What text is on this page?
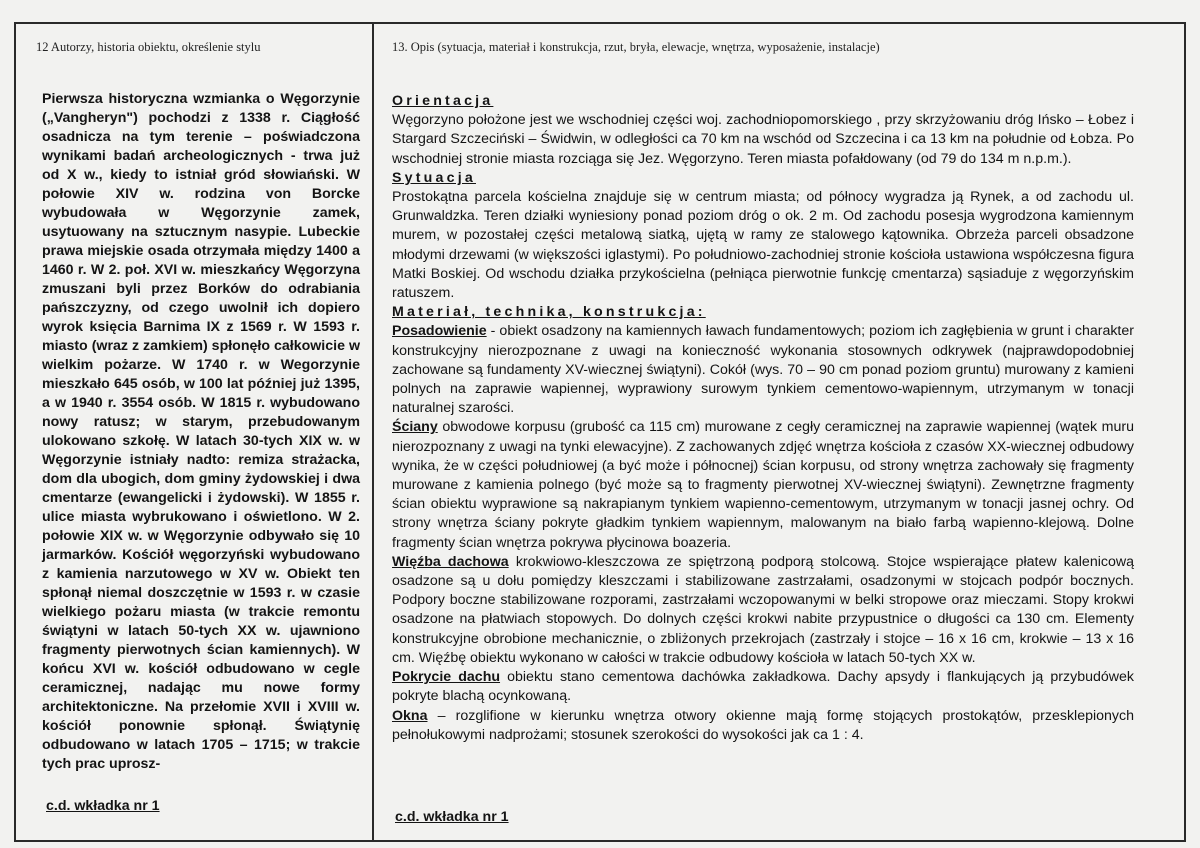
12 Autorzy, historia obiektu, określenie stylu	13. Opis (sytuacja, materiał i konstrukcja, rzut, bryła, elewacje, wnętrza, wyposażenie, instalacje)
Pierwsza historyczna wzmianka o Węgorzynie („Vangheryn") pochodzi z 1338 r. Ciągłość osadnicza na tym terenie – poświadczona wynikami badań archeologicznych - trwa już od X w., kiedy to istniał gród słowiański. W połowie XIV w. rodzina von Borcke wybudowała w Węgorzynie zamek, usytuowany na sztucznym nasypie. Lubeckie prawa miejskie osada otrzymała między 1400 a 1460 r. W 2. poł. XVI w. mieszkańcy Węgorzyna zmuszani byli przez Borków do odrabiania pańszczyzny, od czego uwolnił ich dopiero wyrok księcia Barnima IX z 1569 r. W 1593 r. miasto (wraz z zamkiem) spłonęło całkowicie w wielkim pożarze. W 1740 r. w Wegorzynie mieszkało 645 osób, w 100 lat później już 1395, a w 1940 r. 3554 osób. W 1815 r. wybudowano nowy ratusz; w starym, przebudowanym ulokowano szkołę. W latach 30-tych XIX w. w Węgorzynie istniały nadto: remiza strażacka, dom dla ubogich, dom gminy żydowskiej i dwa cmentarze (ewangelicki i żydowski). W 1855 r. ulice miasta wybrukowano i oświetlono. W 2. połowie XIX w. w Węgorzynie odbywało się 10 jarmarków. Kościół węgorzyński wybudowano z kamienia narzutowego w XV w. Obiekt ten spłonął niemal doszczętnie w 1593 r. w czasie wielkiego pożaru miasta (w trakcie remontu świątyni w latach 50-tych XX w. ujawniono fragmenty pierwotnych ścian kamiennych). W końcu XVI w. kościół odbudowano w cegle ceramicznej, nadając mu nowe formy architektoniczne. Na przełomie XVII i XVIII w. kościół ponownie spłonął. Świątynię odbudowano w latach 1705 – 1715; w trakcie tych prac uprosz-
c.d. wkładka nr 1

Orientacja

Węgorzyno położone jest we wschodniej części woj. zachodniopomorskiego , przy skrzyżowaniu dróg Ińsko – Łobez i Stargard Szczeciński – Świdwin, w odległości ca 70 km na wschód od Szczecina i ca 13 km na południe od Łobza. Po wschodniej stronie miasta rozciąga się Jez. Węgorzyno. Teren miasta pofałdowany (od 79 do 134 m n.p.m.).

Sytuacja

Prostokątna parcela kościelna znajduje się w centrum miasta; od północy wygradza ją Rynek, a od zachodu ul. Grunwaldzka. Teren działki wyniesiony ponad poziom dróg o ok. 2 m. Od zachodu posesja wygrodzona kamiennym murem, w pozostałej części metalową siatką, ujętą w ramy ze stalowego kątownika. Obrzeża parceli obsadzone młodymi drzewami (w większości iglastymi). Po południowo-zachodniej stronie kościoła ustawiona współczesna figura Matki Boskiej. Od wschodu działka przykościelna (pełniąca pierwotnie funkcję cmentarza) sąsiaduje z węgorzyńskim ratuszem.

Materiał, technika, konstrukcja:

Posadowienie - obiekt osadzony na kamiennych ławach fundamentowych; poziom ich zagłębienia w grunt i charakter konstrukcyjny nierozpoznane z uwagi na konieczność wykonania stosownych odkrywek (najprawdopodobniej zachowane są fundamenty XV-wiecznej świątyni). Cokół (wys. 70 – 90 cm ponad poziom gruntu) murowany z kamieni polnych na zaprawie wapiennej, wyprawiony surowym tynkiem cementowo-wapiennym, utrzymanym w tonacji naturalnej szarości.

Ściany obwodowe korpusu (grubość ca 115 cm) murowane z cegły ceramicznej na zaprawie wapiennej (wątek muru nierozpoznany z uwagi na tynki elewacyjne). Z zachowanych zdjęć wnętrza kościoła z czasów XX-wiecznej odbudowy wynika, że w części południowej (a być może i północnej) ścian korpusu, od strony wnętrza zachowały się fragmenty murowane z kamienia polnego (być może są to fragmenty pierwotnej XV-wiecznej świątyni). Zewnętrzne fragmenty ścian obiektu wyprawione są nakrapianym tynkiem wapienno-cementowym, utrzymanym w tonacji jasnej ochry. Od strony wnętrza ściany pokryte gładkim tynkiem wapiennym, malowanym na biało farbą wapienno-klejową. Dolne fragmenty ścian wnętrza pokrywa płycinowa boazeria.

Więźba dachowa krokwiowo-kleszczowa ze spiętrzoną podporą stolcową. Stojce wspierające płatew kalenicową osadzone są u dołu pomiędzy kleszczami i stabilizowane zastrzałami, osadzonymi w stojcach podpór bocznych. Podpory boczne stabilizowane rozporami, zastrzałami wczopowanymi w belki stropowe oraz mieczami. Stopy krokwi osadzone na płatwiach stopowych. Do dolnych części krokwi nabite przypustnice o długości ca 130 cm. Elementy konstrukcyjne obrobione mechanicznie, o zbliżonych przekrojach (zastrzały i stojce – 16 x 16 cm, krokwie – 13 x 16 cm. Więźbę obiektu wykonano w całości w trakcie odbudowy kościoła w latach 50-tych XX w.

Pokrycie dachu obiektu stano cementowa dachówka zakładkowa. Dachy apsydy i flankujących ją przybudówek pokryte blachą ocynkowaną.

Okna – rozglifione w kierunku wnętrza otwory okienne mają formę stojących prostokątów, przesklepionych pełnołukowymi nadprożami; stosunek szerokości do wysokości jak ca 1 : 4.

c.d. wkładka nr 1
